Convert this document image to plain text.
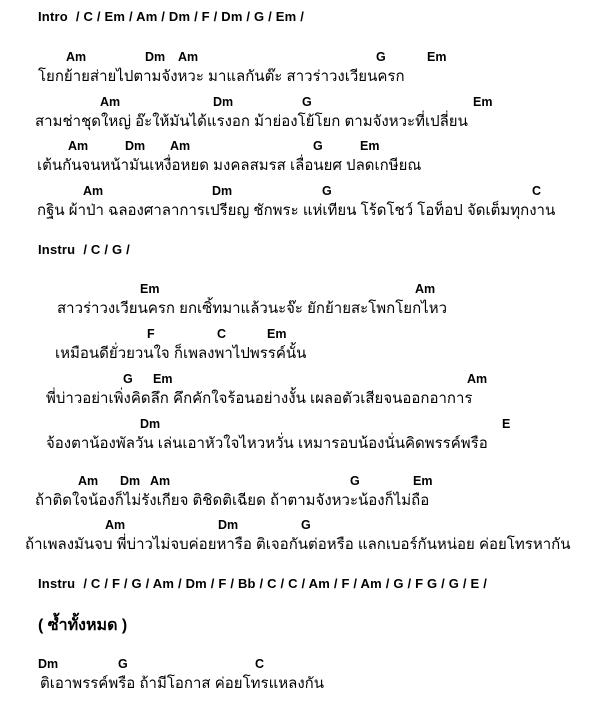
Intro / C / Em / Am / Dm / F / Dm / G / Em /
Am	Dm Am	G	Em
โยกย้ายส่ายไปตามจังหวะ มาแลกันต๊ะ สาวร่าวงเวียนครก
Am	Dm	G	Em
สามช่าชุดใหญ่ อ๊ะให้มันได้แรงอก ม้าย่องโย้โยก ตามจังหวะที่เปลี่ยน
Am	Dm Am	G	Em
เต้นกันจนหน้ามันเหงื่อหยด มงคลสมรส เลื่อนยศ ปลดเกษียณ
Am	Dm	G	C
กฐิน ผ้าป่า ฉลองศาลาการเปรียญ ชักพระ แห่เทียน โร้ดโชว์ โอท็อป จัดเต็มทุกงาน
Instru / C / G /
Em	Am
สาวร่าวงเวียนครก ยกเซิ้ทมาแล้วนะจ๊ะ ยักย้ายสะโพกโยกไหว
F	C	Em
เหมือนดียั่วยวนใจ ก็เพลงพาไปพรรค์นั้น
G Em	Am
พี่บ่าวอย่าเพิ่งคิดลึก คึกคักใจร้อนอย่างงั้น เผลอตัวเสียจนออกอาการ
Dm	E
จ้องตาน้องพัลวัน เล่นเอาหัวใจไหวหวั่น เหมารอบน้องนั่นคิดพรรค์พรือ
Am Dm Am	G	Em
ถ้าติดใจน้องก็ไม่รังเกียจ ติชิดติเฉียด ถ้าตามจังหวะน้องก็ไม่ถือ
Am	Dm	G
ถ้าเพลงมันจบ พี่บ่าวไม่จบค่อยหารือ ติเจอกันต่อหรือ แลกเบอร์กันหน่อย ค่อยโทรหากัน
Instru / C / F / G / Am / Dm / F / Bb / C / C / Am / F / Am / G / F G / G / E /
( ซ้ำทั้งหมด )
Dm	G	C
ติเอาพรรค์พรือ ถ้ามีโอกาส ค่อยโทรแหลงกัน
